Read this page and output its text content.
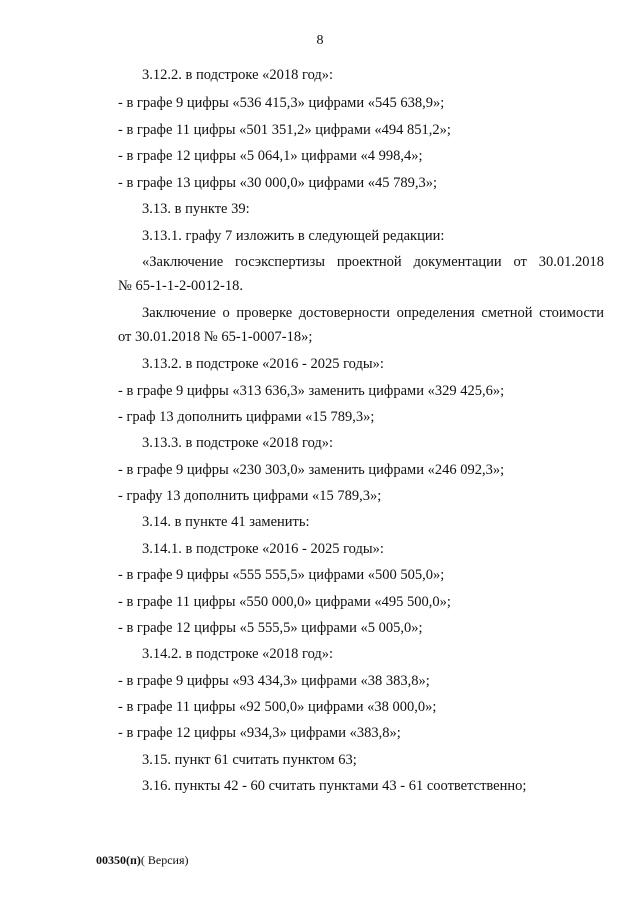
8
3.12.2. в подстроке «2018 год»:
- в графе 9 цифры «536 415,3» цифрами «545 638,9»;
- в графе 11 цифры «501 351,2» цифрами «494 851,2»;
- в графе 12 цифры «5 064,1» цифрами «4 998,4»;
- в графе 13 цифры «30 000,0» цифрами «45 789,3»;
3.13. в пункте 39:
3.13.1. графу 7 изложить в следующей редакции:
«Заключение госэкспертизы проектной документации от 30.01.2018
№ 65-1-1-2-0012-18.
Заключение о проверке достоверности определения сметной стоимости
от 30.01.2018 № 65-1-0007-18»;
3.13.2. в подстроке «2016 - 2025 годы»:
- в графе 9 цифры «313 636,3» заменить цифрами «329 425,6»;
- граф 13 дополнить цифрами «15 789,3»;
3.13.3. в подстроке «2018 год»:
- в графе 9 цифры «230 303,0» заменить цифрами «246 092,3»;
- графу 13 дополнить цифрами «15 789,3»;
3.14. в пункте 41 заменить:
3.14.1. в подстроке «2016 - 2025 годы»:
- в графе 9 цифры «555 555,5» цифрами «500 505,0»;
- в графе 11 цифры «550 000,0» цифрами «495 500,0»;
- в графе 12 цифры «5 555,5» цифрами «5 005,0»;
3.14.2. в подстроке «2018 год»:
- в графе 9 цифры «93 434,3» цифрами «38 383,8»;
- в графе 11 цифры «92 500,0» цифрами «38 000,0»;
- в графе 12 цифры «934,3» цифрами «383,8»;
3.15. пункт 61 считать пунктом 63;
3.16. пункты 42 - 60 считать пунктами 43 - 61 соответственно;
00350(п)( Версия)
